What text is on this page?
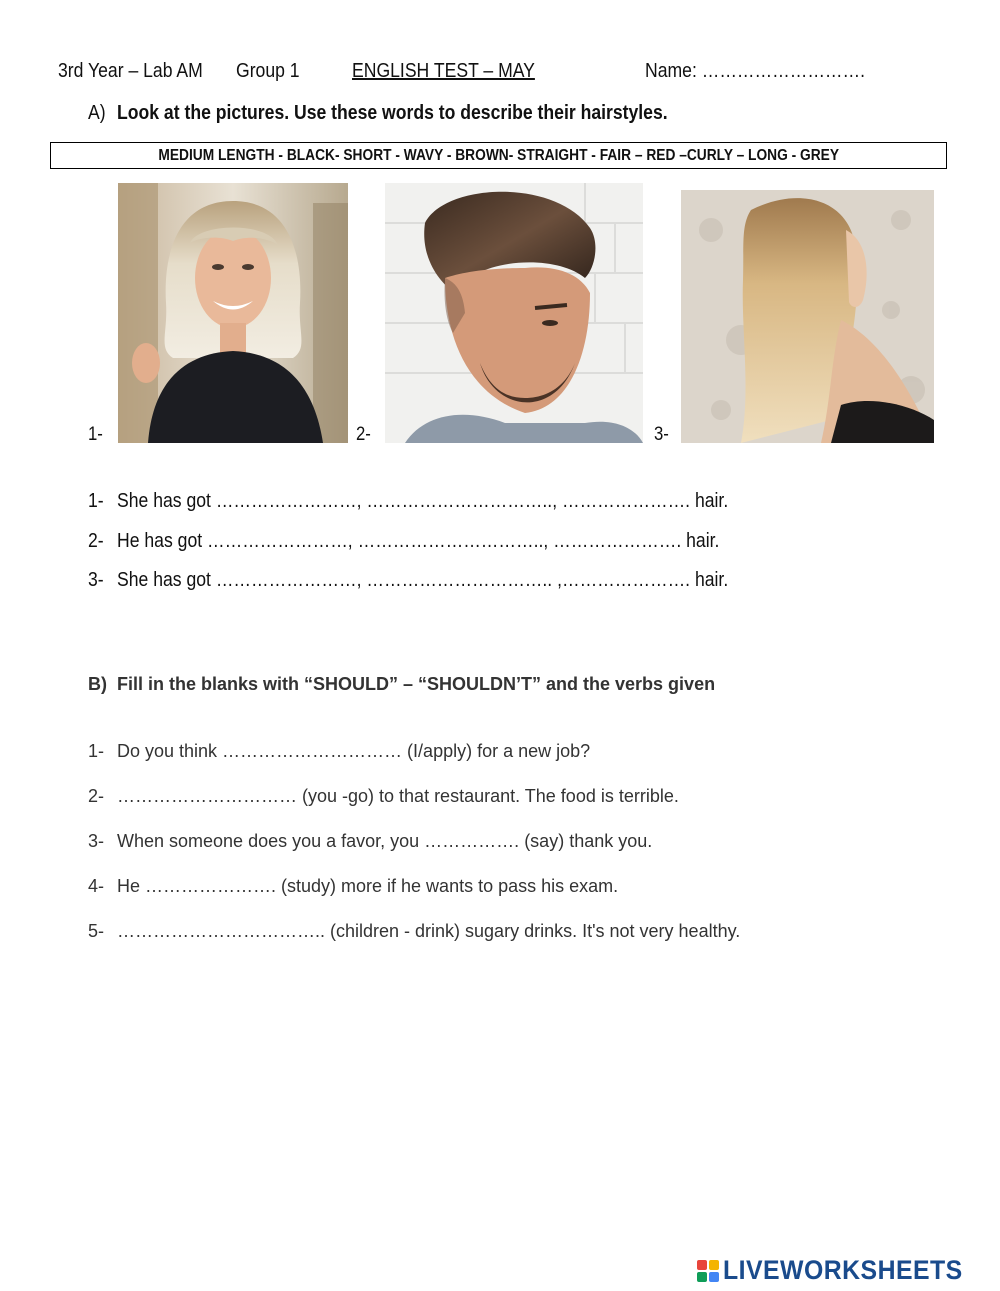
3rd Year – Lab AM Group 1	ENGLISH TEST – MAY	Name: ……………………….
A) Look at the pictures. Use these words to describe their hairstyles.
MEDIUM LENGTH - BLACK- SHORT - WAVY - BROWN- STRAIGHT - FAIR – RED –CURLY – LONG - GREY
1-	2-	3-
1- She has got ……………………, ………………………….., …………………. hair.
2- He has got ……………………, ………………………….., …………………. hair.
3- She has got ……………………, ………………………….. ,…………………. hair.
B) Fill in the blanks with “SHOULD” – “SHOULDN’T” and the verbs given
1- Do you think ………………………… (I/apply) for a new job?
2- ………………………… (you -go) to that restaurant. The food is terrible.
3- When someone does you a favor, you ……………. (say) thank you.
4- He …………………. (study) more if he wants to pass his exam.
5- …………………………….. (children - drink) sugary drinks. It's not very healthy.
LIVEWORKSHEETS
